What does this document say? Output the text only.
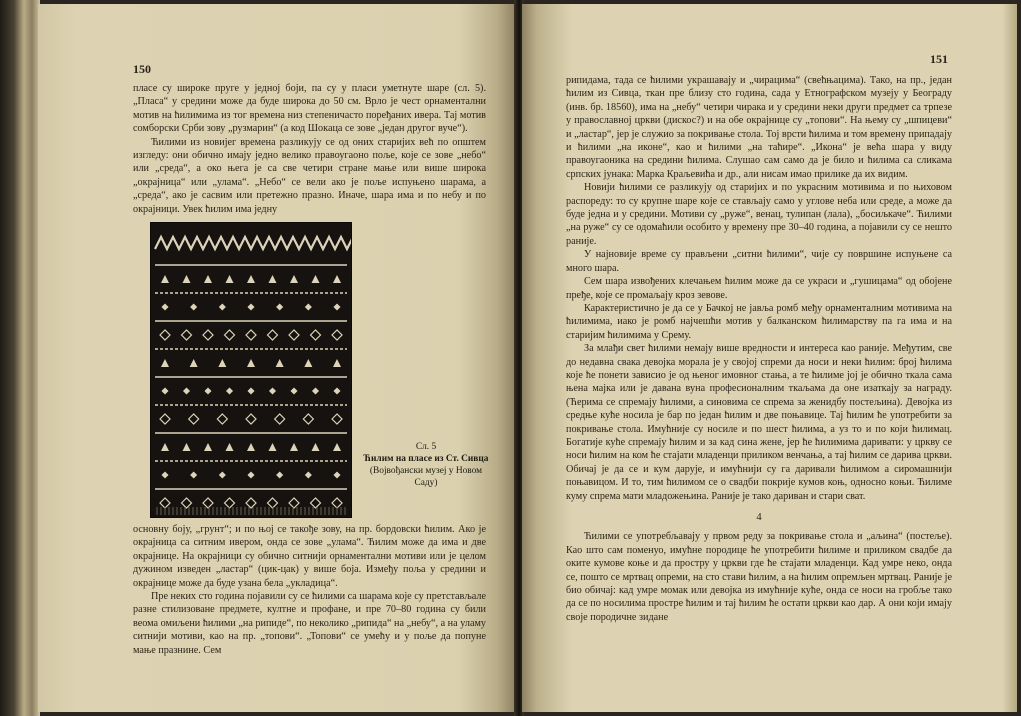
150

пласе су широке пруге у једној боји, па су у пласи уметнуте шаре (сл. 5). „Пласа“ у средини може да буде широка до 50 см. Врло је чест орнаментални мотив на ћилимима из тог времена низ степеничасто поређаних ивера. Тај мотив сомборски Срби зову „рузмарин“ (а код Шокаца се зове „један другог вуче“).

Ћилими из новијег времена разликују се од оних старијих већ по општем изгледу: они обично имају једно велико правоугаоно поље, које се зове „небо“ или „среда“, а око њега је са све четири стране мање или више широка „окрајница“ или „улама“. „Небо“ се вели ако је поље испуњено шарама, а „среда“, ако је сасвим или претежно празно. Иначе, шара има и по небу и по окрајници. Увек ћилим има једну

Сл. 5
Ћилим на пласе из Ст. Сивца
(Војвођански музеј у Новом Саду)

основну боју, „грунт“; и по њој се такође зову, на пр. бордовски ћилим. Ако је окрајница са ситним ивером, онда се зове „улама“. Ћилим може да има и две окрајнице. На окрајници су обично ситнији орнаментални мотиви или је целом дужином изведен „ластар“ (цик-цак) у више боја. Између поља у средини и окрајнице може да буде узана бела „укладица“.

Пре неких сто година појавили су се ћилими са шарама које су претстављале разне стилизоване предмете, култне и профане, и пре 70–80 година су били веома омиљени ћилими „на рипиде“, по неколико „рипида“ на „небу“, а на уламу ситнији мотиви, као на пр. „топови“. „Топови“ се умећу и у поље да попуне мање празнине. Сем

151

рипидама, тада се ћилими украшавају и „чирацима“ (свећњацима). Тако, на пр., један ћилим из Сивца, ткан пре близу сто година, сада у Етнографском музеју у Београду (инв. бр. 18560), има на „небу“ четири чирака и у средини неки други предмет са трпезе у православној цркви (дискос?) и на обе окрајнице су „топови“. На њему су „шпицеви“ и „ластар“, јер је служио за покривање стола. Тој врсти ћилима и том времену припадају и ћилими „на иконе“, као и ћилими „на таћире“. „Икона“ је већа шара у виду правоугаоника на средини ћилима. Слушао сам само да је било и ћилима са сликама српских јунака: Марка Краљевића и др., али нисам имао прилике да их видим.

Новији ћилими се разликују од старијих и по украсним мотивима и по њиховом распореду: то су крупне шаре које се стављају само у углове неба или среде, а може да буде једна и у средини. Мотиви су „руже“, венац, тулипан (лала), „босиљкаче“. Ћилими „на руже“ су се одомаћили особито у времену пре 30–40 година, а појавили су се нешто раније.

У најновије време су прављени „ситни ћилими“, чије су површине испуњене са много шара.

Сем шара извођених клечањем ћилим може да се украси и „гушицама“ од обојене пређе, које се промаљају кроз зевове.

Карактеристично је да се у Бачкој не јавља ромб међу орнаменталним мотивима на ћилимима, иако је ромб најчешћи мотив у балканском ћилимарству па га има и на старијим ћилимима у Срему.

За млађи свет ћилими немају више вредности и интереса као раније. Међутим, све до недавна свака девојка морала је у својој спреми да носи и неки ћилим: број ћилима које ће понети зависио је од њеног имовног стања, а те ћилиме јој је обично ткала сама њена мајка или је давана вуна професионалним ткаљама да оне изаткају за награду. (Ћерима се спремају ћилими, а синовима се спрема за женидбу постељина). Девојка из средње куће носила је бар по један ћилим и две поњавице. Тај ћилим ће употребити за покривање стола. Имућније су носиле и по шест ћилима, а уз то и по који ћилимац. Богатије куће спремају ћилим и за кад сина жене, јер ће ћилимима даривати: у цркву се носи ћилим на ком ће стајати младенци приликом венчања, а тај ћилим се дарива цркви. Обичај је да се и кум дарује, и имућнији су га даривали ћилимом а сиромашнији поњавицом. И то, тим ћилимом се о свадби покрије кумов коњ, односно коњи. Ћилиме куму спрема мати младожењина. Раније је тако дариван и стари сват.

4

Ћилими се употребљавају у првом реду за покривање стола и „аљина“ (постеље). Као што сам поменуо, имућне породице ће употребити ћилиме и приликом свадбе да оките кумове коње и да простру у цркви где ће стајати младенци. Кад умре неко, онда се, пошто се мртвац опреми, на сто стави ћилим, а на ћилим опремљен мртвац. Раније је био обичај: кад умре момак или девојка из имућније куће, онда се носи на гробље тако да се по носилима простре ћилим и тај ћилим ће остати цркви као дар. А они који имају своје породичне зидане
